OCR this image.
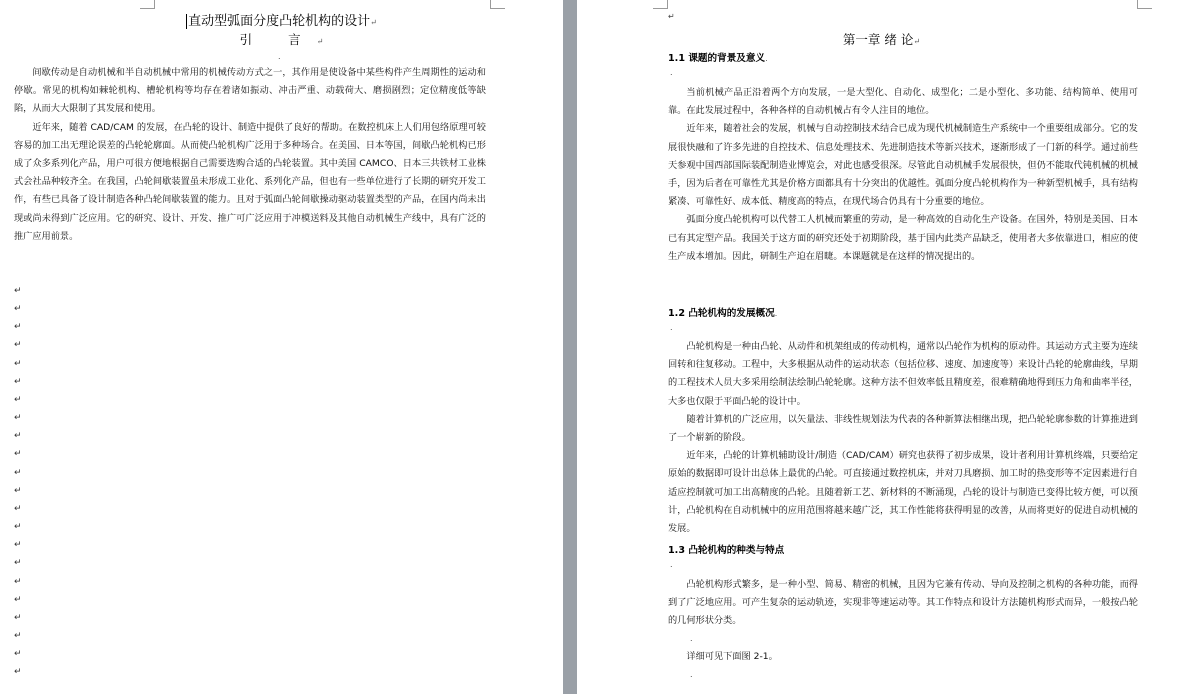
直动型弧面分度凸轮机构的设计↵
引 言↵
.

间歇传动是自动机械和半自动机械中常用的机械传动方式之一，其作用是使设备中某些构件产生周期性的运动和停歇。常见的机构如棘轮机构、槽轮机构等均存在着诸如振动、冲击严重、动载荷大、磨损剧烈；定位精度低等缺陷，从而大大限制了其发展和使用。

近年来，随着 CAD/CAM 的发展，在凸轮的设计、制造中提供了良好的帮助。在数控机床上人们用包络原理可较容易的加工出无理论误差的凸轮轮廓面。从而使凸轮机构广泛用于多种场合。在美国、日本等国，间歇凸轮机构已形成了众多系列化产品，用户可很方便地根据自己需要选购合适的凸轮装置。其中美国 CAMCO、日本三共铁材工业株式会社品种较齐全。在我国，凸轮间歇装置虽未形成工业化、系列化产品，但也有一些单位进行了长期的研究开发工作，有些已具备了设计制造各种凸轮间歇装置的能力。且对于弧面凸轮间歇操动驱动装置类型的产品，在国内尚未出现或尚未得到广泛应用。它的研究、设计、开发、推广可广泛应用于冲模送料及其他自动机械生产线中，具有广泛的推广应用前景。

↵
↵
↵
↵
↵
↵
↵
↵
↵
↵
↵
↵
↵
↵
↵
↵
↵
↵
↵
↵
↵
↵
↵
第一章 绪 论↵
1.1 课题的背景及意义.
.

当前机械产品正沿着两个方向发展，一是大型化、自动化、成型化；二是小型化、多功能、结构简单、使用可靠。在此发展过程中，各种各样的自动机械占有令人注目的地位。

近年来，随着社会的发展，机械与自动控制技术结合已成为现代机械制造生产系统中一个重要组成部分。它的发展很快融和了许多先进的自控技术、信息处理技术、先进制造技术等新兴技术，逐渐形成了一门新的科学。通过前些天参观中国西部国际装配制造业博览会，对此也感受很深。尽管此自动机械手发展很快，但仍不能取代钝机械的机械手，因为后者在可靠性尤其是价格方面都具有十分突出的优越性。弧面分度凸轮机构作为一种新型机械手，具有结构紧凑、可靠性好、成本低、精度高的特点，在现代场合仍具有十分重要的地位。

弧面分度凸轮机构可以代替工人机械而繁重的劳动，是一种高效的自动化生产设备。在国外，特别是美国、日本已有其定型产品。我国关于这方面的研究还处于初期阶段，基于国内此类产品缺乏，使用者大多依靠进口，相应的使生产成本增加。因此，研制生产迫在眉睫。本课题就是在这样的情况提出的。

1.2 凸轮机构的发展概况.
.

凸轮机构是一种由凸轮、从动件和机架组成的传动机构，通常以凸轮作为机构的原动件。其运动方式主要为连续回转和往复移动。工程中，大多根据从动件的运动状态（包括位移、速度、加速度等）来设计凸轮的轮廓曲线，早期的工程技术人员大多采用绘制法绘制凸轮轮廓。这种方法不但效率低且精度差，很难精确地得到压力角和曲率半径，大多也仅限于平面凸轮的设计中。

随着计算机的广泛应用，以矢量法、非线性规划法为代表的各种新算法相继出现，把凸轮轮廓参数的计算推进到了一个崭新的阶段。

近年来，凸轮的计算机辅助设计/制造（CAD/CAM）研究也获得了初步成果，设计者利用计算机终端，只要给定原始的数据即可设计出总体上最优的凸轮。可直接通过数控机床，并对刀具磨损、加工时的热变形等不定因素进行自适应控制就可加工出高精度的凸轮。且随着新工艺、新材料的不断涌现，凸轮的设计与制造已变得比较方便，可以预计，凸轮机构在自动机械中的应用范围将越来越广泛，其工作性能将获得明显的改善，从而将更好的促进自动机械的发展。

1.3 凸轮机构的种类与特点
.

凸轮机构形式繁多，是一种小型、简易、精密的机械，且因为它兼有传动、导向及控制之机构的各种功能，而得到了广泛地应用。可产生复杂的运动轨迹，实现非等速运动等。其工作特点和设计方法随机构形式而异，一般按凸轮的几何形状分类。

.

详细可见下面图 2-1。

.
